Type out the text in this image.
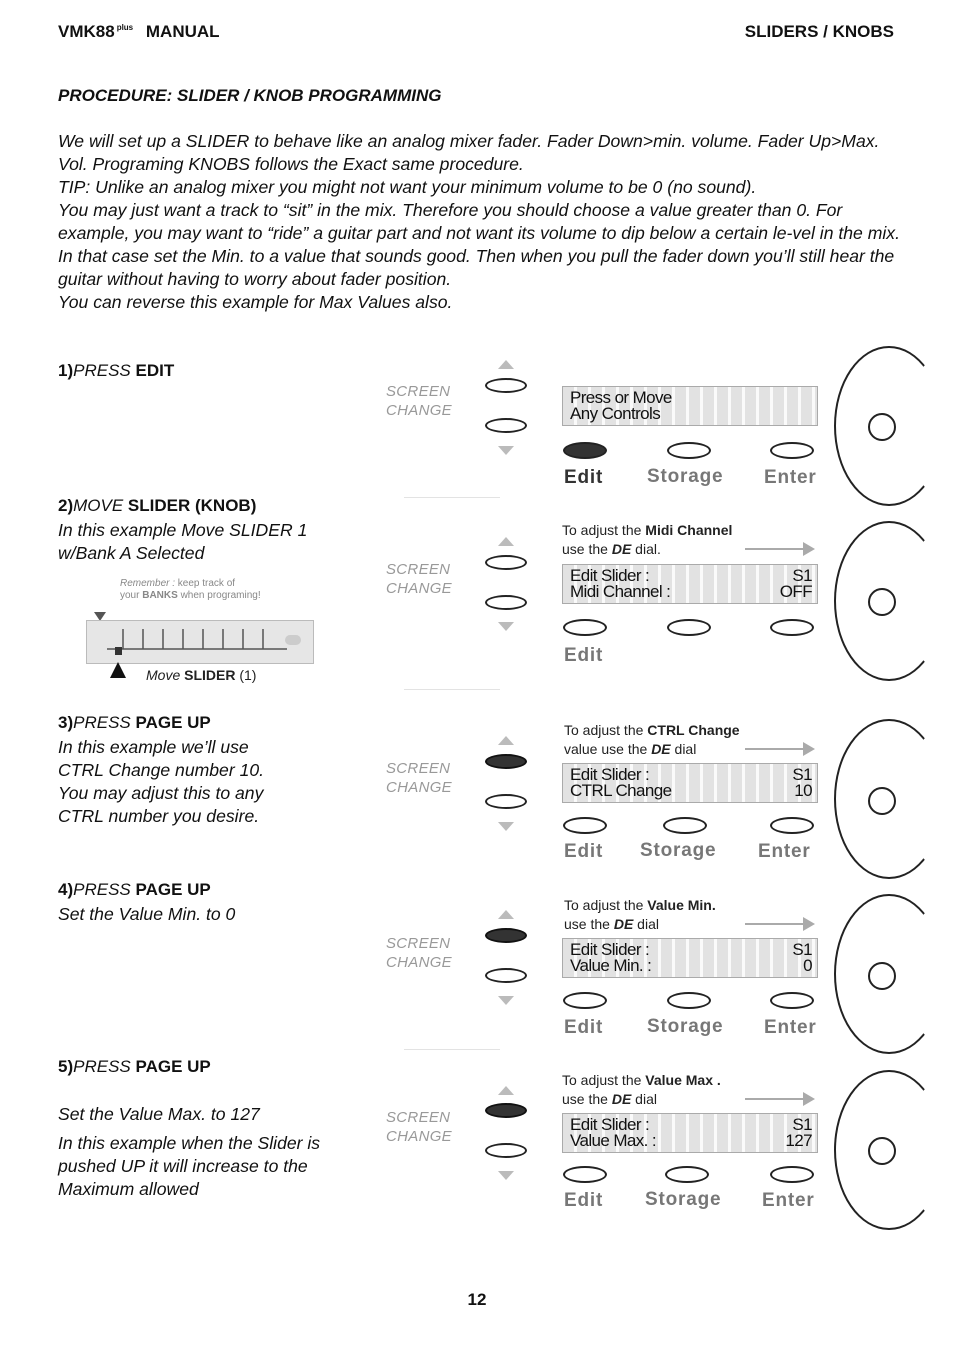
VMK88 $^{plus}$ MANUAL	SLIDERS / KNOBS
PROCEDURE: SLIDER / KNOB PROGRAMMING

We will set up a SLIDER to behave like an analog mixer fader. Fader Down>min. volume. Fader Up>Max. Vol. Programing KNOBS follows the Exact same procedure.

TIP: Unlike an analog mixer you might not want your minimum volume to be 0 (no sound).

You may just want a track to “sit” in the mix. Therefore you should choose a value greater than 0. For example, you may want to “ride” a guitar part and not want its volume to dip below a certain le-vel in the mix. In that case set the Min. to a value that sounds good. Then when you pull the fader down you’ll still hear the guitar without having to worry about fader position.

You can reverse this example for Max Values also.

1)PRESS EDIT
SCREEN
CHANGE
Press or Move
Any Controls
Edit Storage Enter
2)MOVE SLIDER (KNOB)

In this example Move SLIDER 1 w/Bank A Selected

Remember : keep track of
your BANKS when programing!
Move SLIDER (1)
To adjust the Midi Channel
use the DE dial.
SCREEN
CHANGE
Edit Slider :
Midi Channel :
S1
OFF
Edit
3)PRESS PAGE UP

In this example we’ll use CTRL Change number 10. You may adjust this to any CTRL number you desire.

To adjust the CTRL Change
value use the DE dial
SCREEN
CHANGE
Edit Slider :
CTRL Change
S1
10
Edit Storage Enter
4)PRESS PAGE UP

Set the Value Min. to 0	To adjust the Value Min.
use the DE dial
SCREEN
CHANGE
Edit Slider :
Value Min. :
S1
0
Edit Storage Enter
5)PRESS PAGE UP

Set the Value Max. to 127

In this example when the Slider is pushed UP it will increase to the Maximum allowed

To adjust the Value Max .
use the DE dial
SCREEN
CHANGE
Edit Slider :
Value Max. :
S1
127
Edit Storage Enter
12
